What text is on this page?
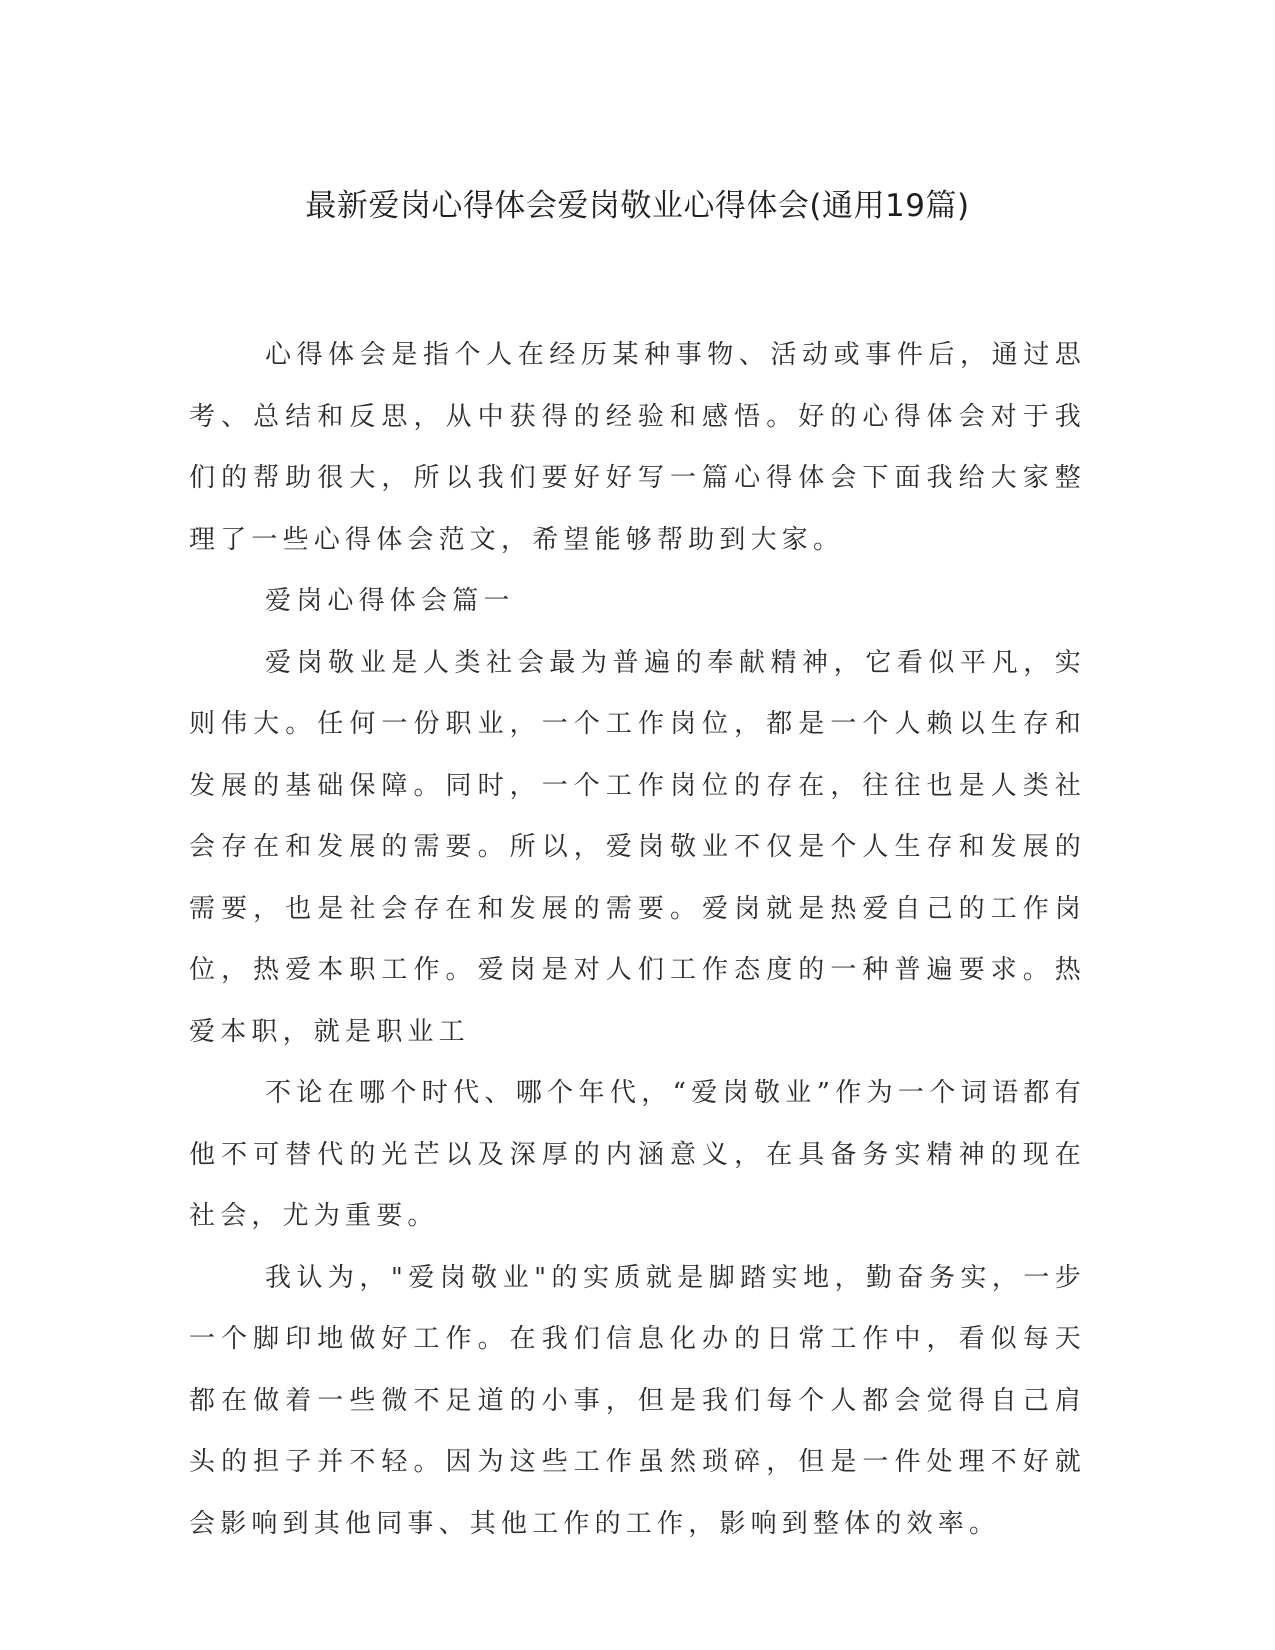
最新爱岗心得体会爱岗敬业心得体会(通用19篇)

心得体会是指个人在经历某种事物、活动或事件后，通过思考、总结和反思，从中获得的经验和感悟。好的心得体会对于我们的帮助很大，所以我们要好好写一篇心得体会下面我给大家整理了一些心得体会范文，希望能够帮助到大家。

爱岗心得体会篇一

爱岗敬业是人类社会最为普遍的奉献精神，它看似平凡，实则伟大。任何一份职业，一个工作岗位，都是一个人赖以生存和发展的基础保障。同时，一个工作岗位的存在，往往也是人类社会存在和发展的需要。所以，爱岗敬业不仅是个人生存和发展的需要，也是社会存在和发展的需要。爱岗就是热爱自己的工作岗位，热爱本职工作。爱岗是对人们工作态度的一种普遍要求。热爱本职，就是职业工

不论在哪个时代、哪个年代，“爱岗敬业”作为一个词语都有他不可替代的光芒以及深厚的内涵意义，在具备务实精神的现在社会，尤为重要。

我认为，"爱岗敬业"的实质就是脚踏实地，勤奋务实，一步一个脚印地做好工作。在我们信息化办的日常工作中，看似每天都在做着一些微不足道的小事，但是我们每个人都会觉得自己肩头的担子并不轻。因为这些工作虽然琐碎，但是一件处理不好就会影响到其他同事、其他工作的工作，影响到整体的效率。
